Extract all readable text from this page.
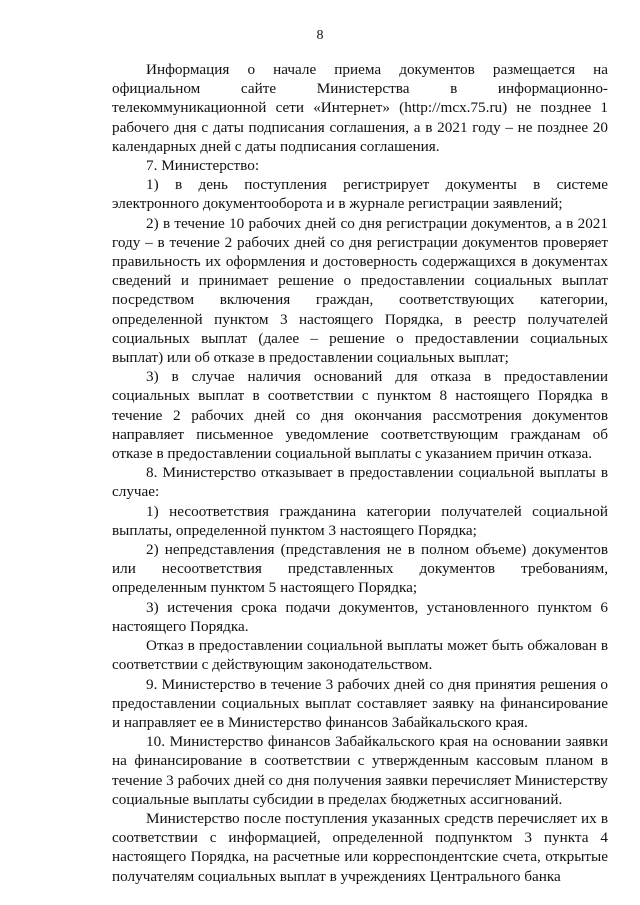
8

Информация о начале приема документов размещается на официальном сайте Министерства в информационно-телекоммуникационной сети «Интернет» (http://mcx.75.ru) не позднее 1 рабочего дня с даты подписания соглашения, а в 2021 году – не позднее 20 календарных дней с даты подписания соглашения.

7. Министерство:

1) в день поступления регистрирует документы в системе электронного документооборота и в журнале регистрации заявлений;

2) в течение 10 рабочих дней со дня регистрации документов, а в 2021 году – в течение 2 рабочих дней со дня регистрации документов проверяет правильность их оформления и достоверность содержащихся в документах сведений и принимает решение о предоставлении социальных выплат посредством включения граждан, соответствующих категории, определенной пунктом 3 настоящего Порядка, в реестр получателей социальных выплат (далее – решение о предоставлении социальных выплат) или об отказе в предоставлении социальных выплат;

3) в случае наличия оснований для отказа в предоставлении социальных выплат в соответствии с пунктом 8 настоящего Порядка в течение 2 рабочих дней со дня окончания рассмотрения документов направляет письменное уведомление соответствующим гражданам об отказе в предоставлении социальной выплаты с указанием причин отказа.

8. Министерство отказывает в предоставлении социальной выплаты в случае:

1) несоответствия гражданина категории получателей социальной выплаты, определенной пунктом 3 настоящего Порядка;

2) непредставления (представления не в полном объеме) документов или несоответствия представленных документов требованиям, определенным пунктом 5 настоящего Порядка;

3) истечения срока подачи документов, установленного пунктом 6 настоящего Порядка.

Отказ в предоставлении социальной выплаты может быть обжалован в соответствии с действующим законодательством.

9. Министерство в течение 3 рабочих дней со дня принятия решения о предоставлении социальных выплат составляет заявку на финансирование и направляет ее в Министерство финансов Забайкальского края.

10. Министерство финансов Забайкальского края на основании заявки на финансирование в соответствии с утвержденным кассовым планом в течение 3 рабочих дней со дня получения заявки перечисляет Министерству социальные выплаты субсидии в пределах бюджетных ассигнований.

Министерство после поступления указанных средств перечисляет их в соответствии с информацией, определенной подпунктом 3 пункта 4 настоящего Порядка, на расчетные или корреспондентские счета, открытые получателям социальных выплат в учреждениях Центрального банка
